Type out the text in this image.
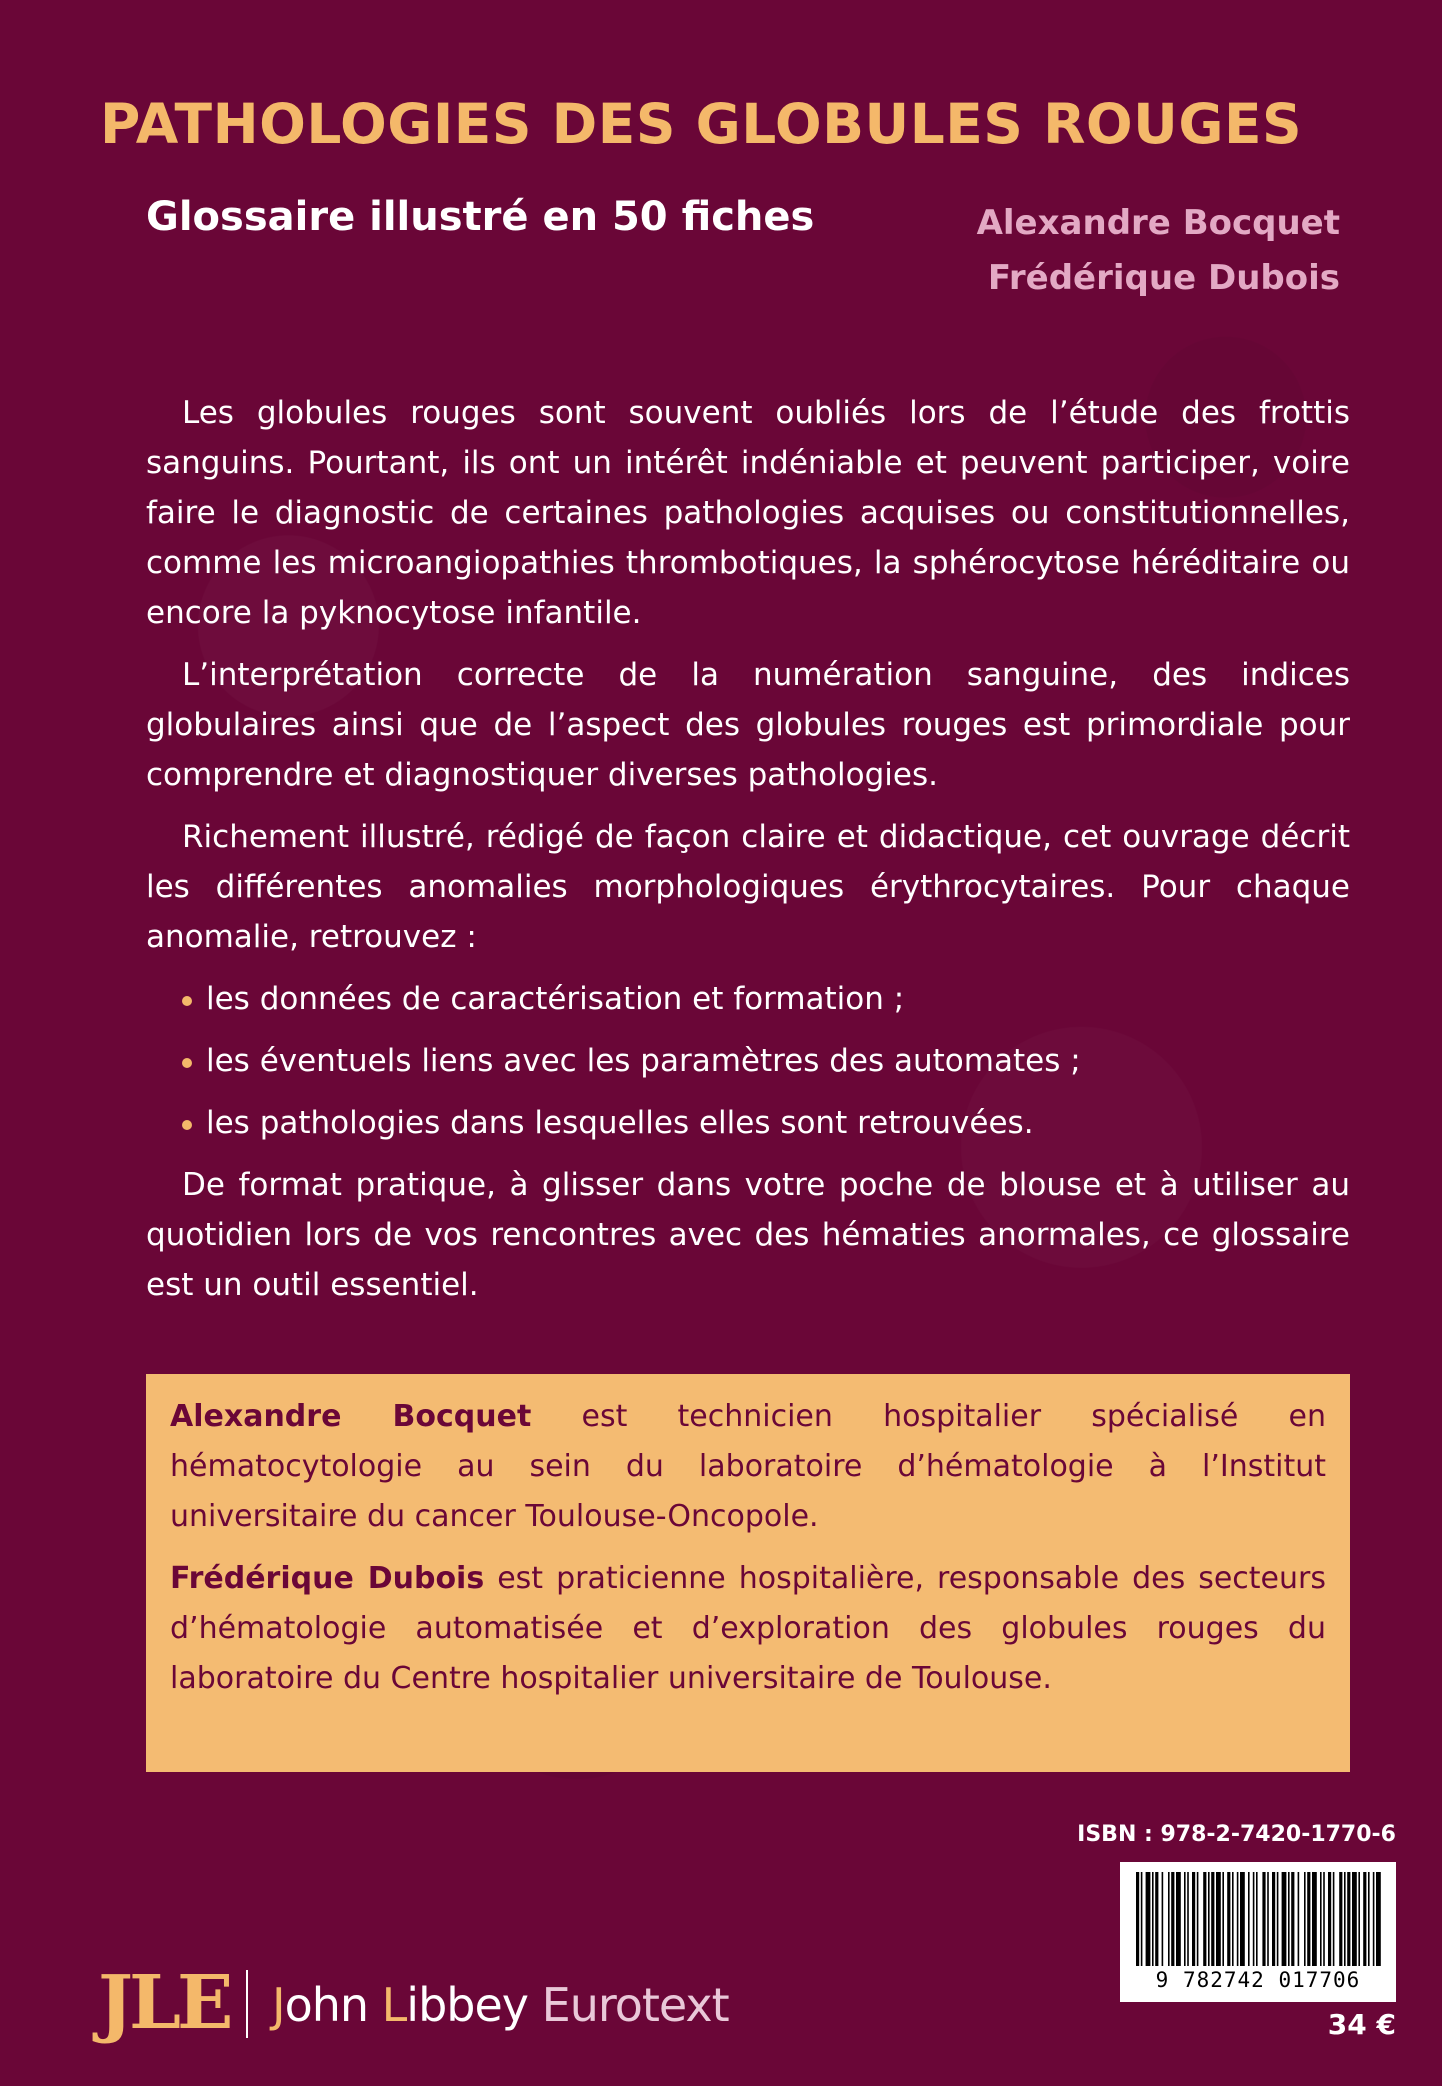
PATHOLOGIES DES GLOBULES ROUGES
Glossaire illustré en 50 fiches	Alexandre Bocquet
Frédérique Dubois

Les globules rouges sont souvent oubliés lors de l’étude des frottis sanguins. Pourtant, ils ont un intérêt indéniable et peuvent participer, voire faire le diagnostic de certaines pathologies acquises ou constitutionnelles, comme les microangiopathies thrombotiques, la sphérocytose héréditaire ou encore la pyknocytose infantile.

L’interprétation correcte de la numération sanguine, des indices globulaires ainsi que de l’aspect des globules rouges est primordiale pour comprendre et diagnostiquer diverses pathologies.

Richement illustré, rédigé de façon claire et didactique, cet ouvrage décrit les différentes anomalies morphologiques érythrocytaires. Pour chaque anomalie, retrouvez :

les données de caractérisation et formation ;
les éventuels liens avec les paramètres des automates ;
les pathologies dans lesquelles elles sont retrouvées.

De format pratique, à glisser dans votre poche de blouse et à utiliser au quotidien lors de vos rencontres avec des hématies anormales, ce glossaire est un outil essentiel.

Alexandre Bocquet est technicien hospitalier spécialisé en hématocytologie au sein du laboratoire d’hématologie à l’Institut universitaire du cancer Toulouse-Oncopole.

Frédérique Dubois est praticienne hospitalière, responsable des secteurs d’hématologie automatisée et d’exploration des globules rouges du laboratoire du Centre hospitalier universitaire de Toulouse.

ISBN : 978-2-7420-1770-6
9 782742 017706
34 €
JLE John Libbey Eurotext
